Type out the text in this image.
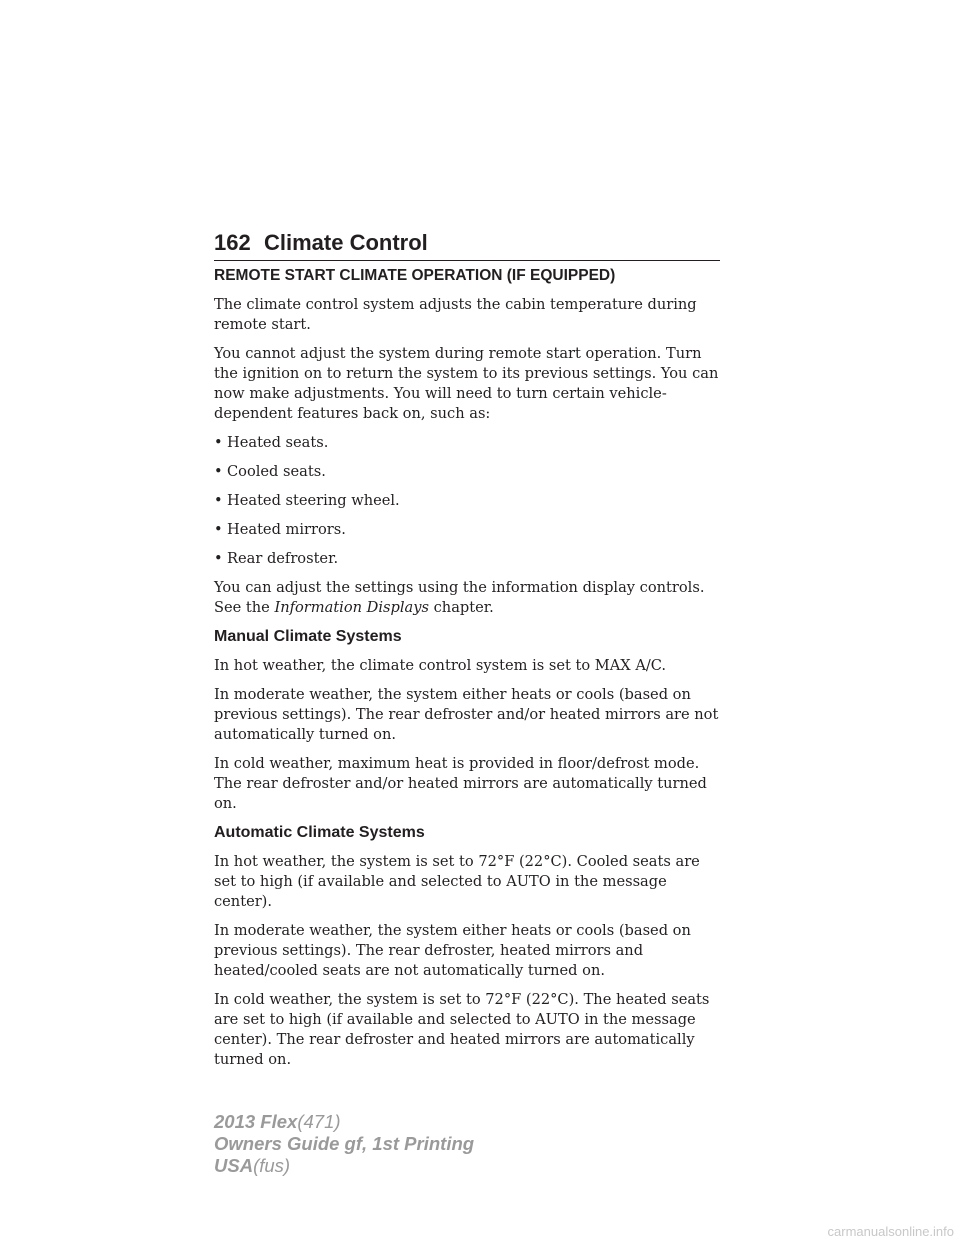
162 Climate Control
REMOTE START CLIMATE OPERATION (IF EQUIPPED)

The climate control system adjusts the cabin temperature during remote start.

You cannot adjust the system during remote start operation. Turn the ignition on to return the system to its previous settings. You can now make adjustments. You will need to turn certain vehicle-dependent features back on, such as:

• Heated seats.
• Cooled seats.
• Heated steering wheel.
• Heated mirrors.
• Rear defroster.

You can adjust the settings using the information display controls. See the Information Displays chapter.

Manual Climate Systems

In hot weather, the climate control system is set to MAX A/C.

In moderate weather, the system either heats or cools (based on previous settings). The rear defroster and/or heated mirrors are not automatically turned on.

In cold weather, maximum heat is provided in floor/defrost mode. The rear defroster and/or heated mirrors are automatically turned on.

Automatic Climate Systems

In hot weather, the system is set to 72°F (22°C). Cooled seats are set to high (if available and selected to AUTO in the message center).

In moderate weather, the system either heats or cools (based on previous settings). The rear defroster, heated mirrors and heated/cooled seats are not automatically turned on.

In cold weather, the system is set to 72°F (22°C). The heated seats are set to high (if available and selected to AUTO in the message center). The rear defroster and heated mirrors are automatically turned on.

2013 Flex(471)
Owners Guide gf, 1st Printing
USA(fus)
carmanualsonline.info
